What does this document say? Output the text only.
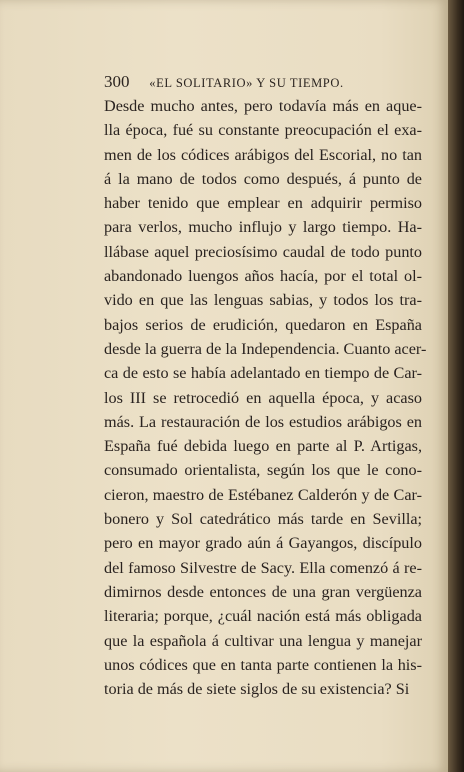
300 «EL SOLITARIO» Y SU TIEMPO.
Desde mucho antes, pero todavía más en aque-
lla época, fué su constante preocupación el exa-
men de los códices arábigos del Escorial, no tan
á la mano de todos como después, á punto de
haber tenido que emplear en adquirir permiso
para verlos, mucho influjo y largo tiempo. Ha-
llábase aquel preciosísimo caudal de todo punto
abandonado luengos años hacía, por el total ol-
vido en que las lenguas sabias, y todos los tra-
bajos serios de erudición, quedaron en España
desde la guerra de la Independencia. Cuanto acer-
ca de esto se había adelantado en tiempo de Car-
los III se retrocedió en aquella época, y acaso
más. La restauración de los estudios arábigos en
España fué debida luego en parte al P. Artigas,
consumado orientalista, según los que le cono-
cieron, maestro de Estébanez Calderón y de Car-
bonero y Sol catedrático más tarde en Sevilla;
pero en mayor grado aún á Gayangos, discípulo
del famoso Silvestre de Sacy. Ella comenzó á re-
dimirnos desde entonces de una gran vergüenza
literaria; porque, ¿cuál nación está más obligada
que la española á cultivar una lengua y manejar
unos códices que en tanta parte contienen la his-
toria de más de siete siglos de su existencia? Si
